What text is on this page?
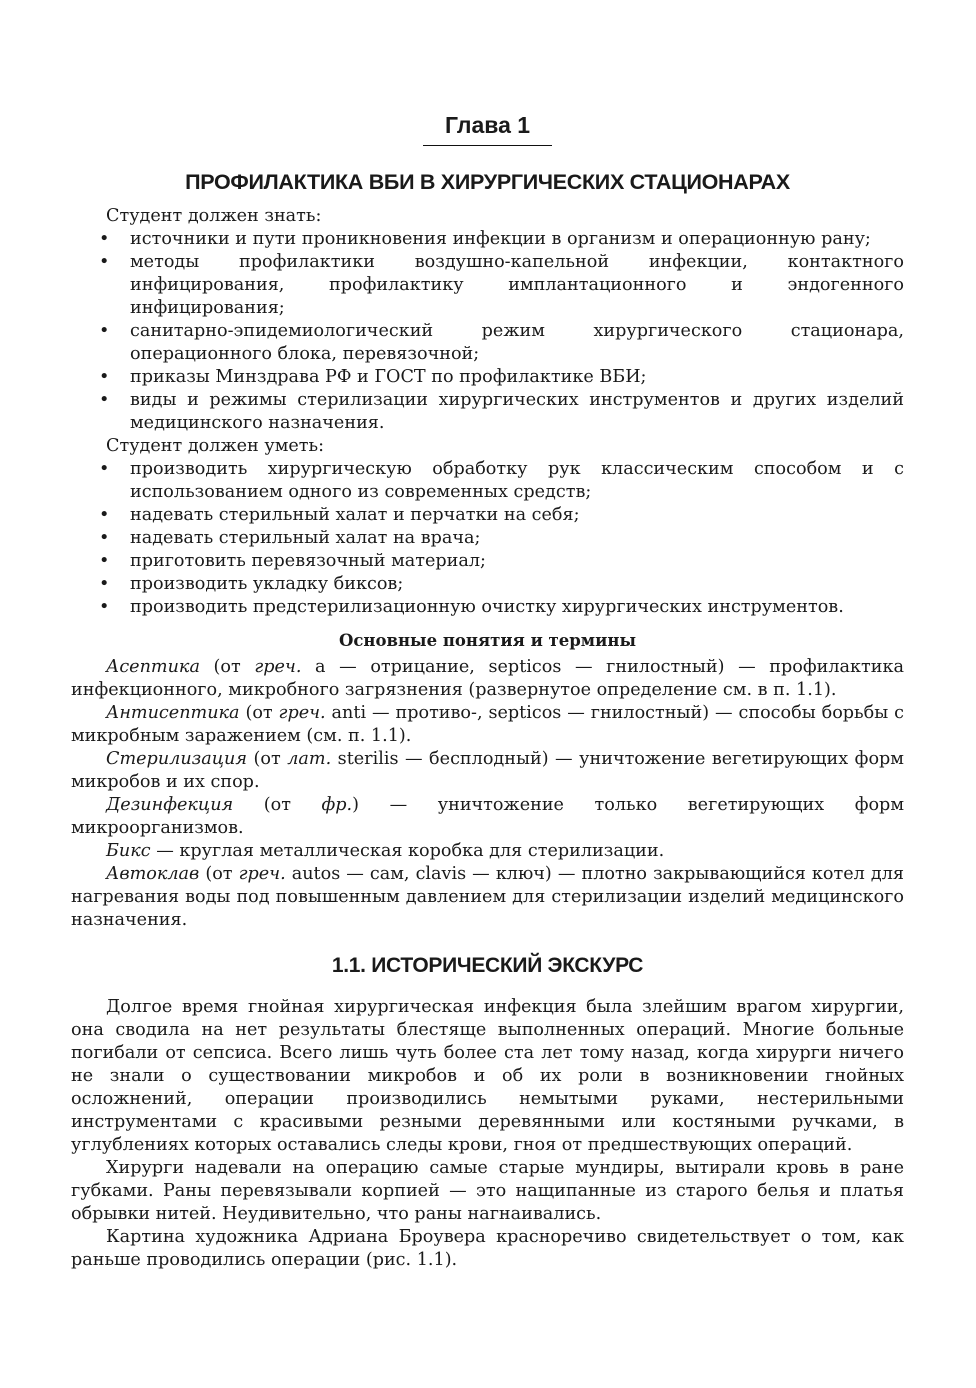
Глава 1
ПРОФИЛАКТИКА ВБИ В ХИРУРГИЧЕСКИХ СТАЦИОНАРАХ

Студент должен знать:

• источники и пути проникновения инфекции в организм и операционную рану;
• методы профилактики воздушно-капельной инфекции, контактного инфицирования, профилактику имплантационного и эндогенного инфицирования;
• санитарно-эпидемиологический режим хирургического стационара, операционного блока, перевязочной;
• приказы Минздрава РФ и ГОСТ по профилактике ВБИ;
• виды и режимы стерилизации хирургических инструментов и других изделий медицинского назначения.

Студент должен уметь:

• производить хирургическую обработку рук классическим способом и с использованием одного из современных средств;
• надевать стерильный халат и перчатки на себя;
• надевать стерильный халат на врача;
• приготовить перевязочный материал;
• производить укладку биксов;
• производить предстерилизационную очистку хирургических инструментов.
Основные понятия и термины

Асептика (от греч. а — отрицание, septicos — гнилостный) — профилактика инфекционного, микробного загрязнения (развернутое определение см. в п. 1.1).

Антисептика (от греч. anti — противо-, septicos — гнилостный) — способы борьбы с микробным заражением (см. п. 1.1).

Стерилизация (от лат. sterilis — бесплодный) — уничтожение вегетирующих форм микробов и их спор.

Дезинфекция (от фр.) — уничтожение только вегетирующих форм микроорганизмов.

Бикс — круглая металлическая коробка для стерилизации.

Автоклав (от греч. autos — сам, clavis — ключ) — плотно закрывающийся котел для нагревания воды под повышенным давлением для стерилизации изделий медицинского назначения.

1.1. ИСТОРИЧЕСКИЙ ЭКСКУРС

Долгое время гнойная хирургическая инфекция была злейшим врагом хирургии, она сводила на нет результаты блестяще выполненных операций. Многие больные погибали от сепсиса. Всего лишь чуть более ста лет тому назад, когда хирурги ничего не знали о существовании микробов и об их роли в возникновении гнойных осложнений, операции производились немытыми руками, нестерильными инструментами с красивыми резными деревянными или костяными ручками, в углублениях которых оставались следы крови, гноя от предшествующих операций.

Хирурги надевали на операцию самые старые мундиры, вытирали кровь в ране губками. Раны перевязывали корпией — это нащипанные из старого белья и платья обрывки нитей. Неудивительно, что раны нагнаивались.

Картина художника Адриана Броувера красноречиво свидетельствует о том, как раньше проводились операции (рис. 1.1).
